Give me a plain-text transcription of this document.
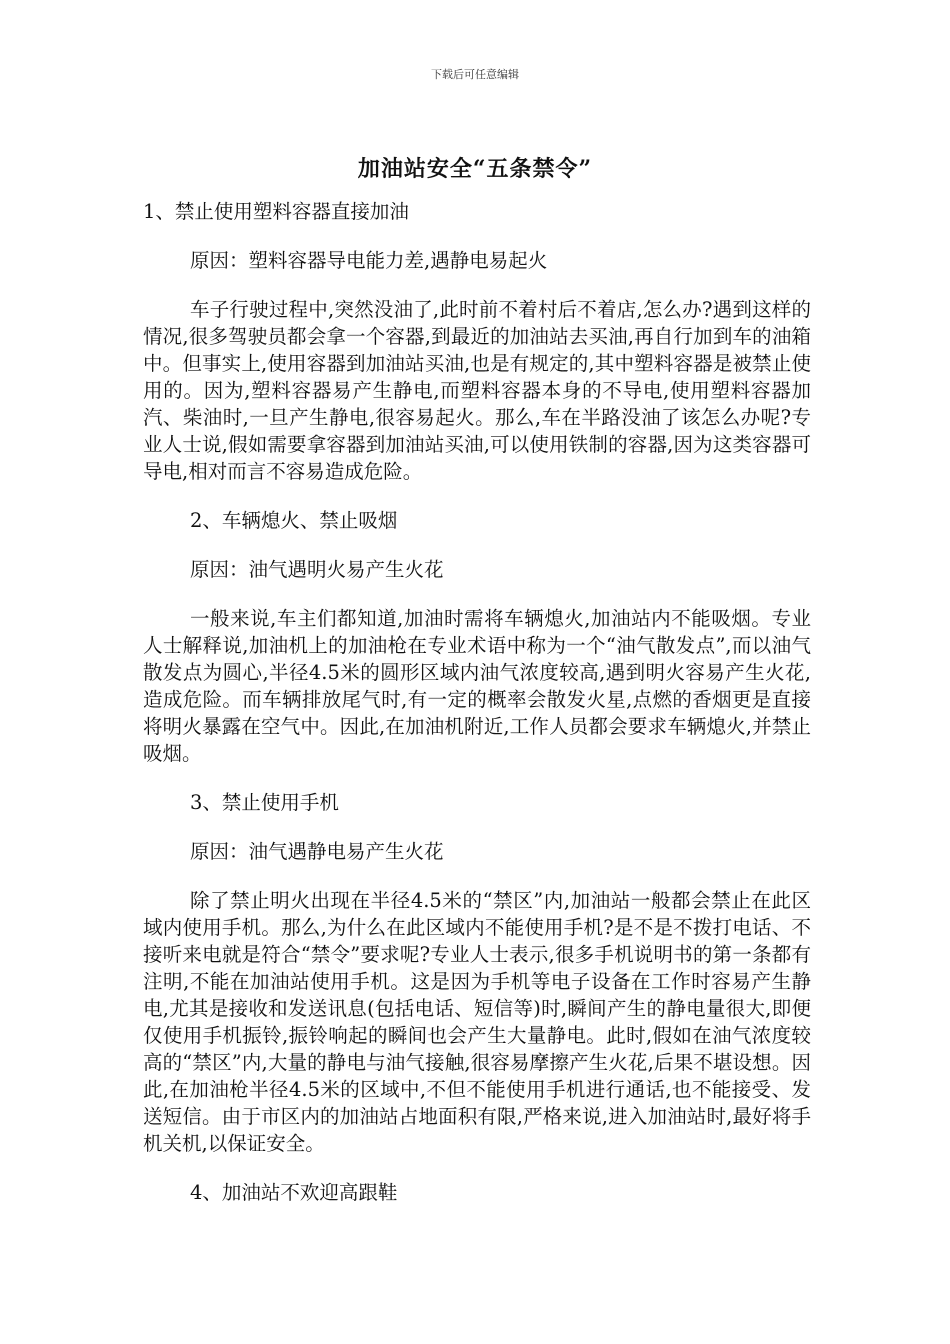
下载后可任意编辑
加油站安全“五条禁令”

1、禁止使用塑料容器直接加油

原因：塑料容器导电能力差,遇静电易起火

车子行驶过程中,突然没油了,此时前不着村后不着店,怎么办?遇到这样的情况,很多驾驶员都会拿一个容器,到最近的加油站去买油,再自行加到车的油箱中。但事实上,使用容器到加油站买油,也是有规定的,其中塑料容器是被禁止使用的。因为,塑料容器易产生静电,而塑料容器本身的不导电,使用塑料容器加汽、柴油时,一旦产生静电,很容易起火。那么,车在半路没油了该怎么办呢?专业人士说,假如需要拿容器到加油站买油,可以使用铁制的容器,因为这类容器可导电,相对而言不容易造成危险。

2、车辆熄火、禁止吸烟

原因：油气遇明火易产生火花

一般来说,车主们都知道,加油时需将车辆熄火,加油站内不能吸烟。专业人士解释说,加油机上的加油枪在专业术语中称为一个“油气散发点”,而以油气散发点为圆心,半径4.5米的圆形区域内油气浓度较高,遇到明火容易产生火花,造成危险。而车辆排放尾气时,有一定的概率会散发火星,点燃的香烟更是直接将明火暴露在空气中。因此,在加油机附近,工作人员都会要求车辆熄火,并禁止吸烟。

3、禁止使用手机

原因：油气遇静电易产生火花

除了禁止明火出现在半径4.5米的“禁区”内,加油站一般都会禁止在此区域内使用手机。那么,为什么在此区域内不能使用手机?是不是不拨打电话、不接听来电就是符合“禁令”要求呢?专业人士表示,很多手机说明书的第一条都有注明,不能在加油站使用手机。这是因为手机等电子设备在工作时容易产生静电,尤其是接收和发送讯息(包括电话、短信等)时,瞬间产生的静电量很大,即便仅使用手机振铃,振铃响起的瞬间也会产生大量静电。此时,假如在油气浓度较高的“禁区”内,大量的静电与油气接触,很容易摩擦产生火花,后果不堪设想。因此,在加油枪半径4.5米的区域中,不但不能使用手机进行通话,也不能接受、发送短信。由于市区内的加油站占地面积有限,严格来说,进入加油站时,最好将手机关机,以保证安全。

4、加油站不欢迎高跟鞋
